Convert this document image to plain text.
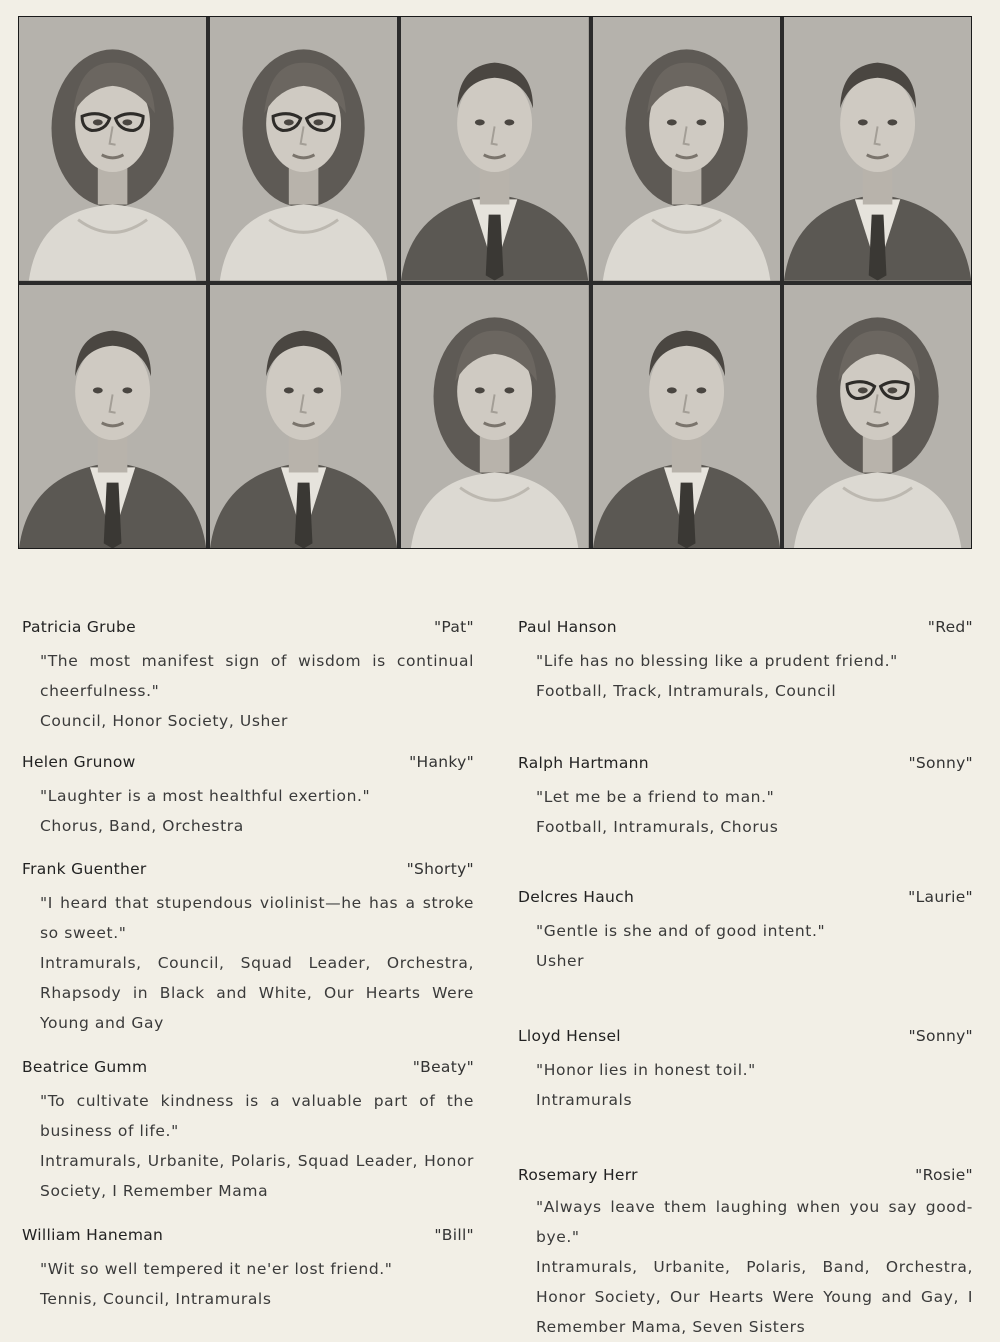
Patricia Grube	"Pat"
"The most manifest sign of wisdom is continual cheerfulness."
Council, Honor Society, Usher
Helen Grunow	"Hanky"
"Laughter is a most healthful exertion."
Chorus, Band, Orchestra
Frank Guenther	"Shorty"
"I heard that stupendous violinist—he has a stroke so sweet."
Intramurals, Council, Squad Leader, Orchestra, Rhapsody in Black and White, Our Hearts Were Young and Gay
Beatrice Gumm	"Beaty"
"To cultivate kindness is a valuable part of the business of life."
Intramurals, Urbanite, Polaris, Squad Leader, Honor Society, I Remember Mama
William Haneman	"Bill"
"Wit so well tempered it ne'er lost friend."
Tennis, Council, Intramurals
Paul Hanson	"Red"
"Life has no blessing like a prudent friend."
Football, Track, Intramurals, Council
Ralph Hartmann	"Sonny"
"Let me be a friend to man."
Football, Intramurals, Chorus
Delcres Hauch	"Laurie"
"Gentle is she and of good intent."
Usher
Lloyd Hensel	"Sonny"
"Honor lies in honest toil."
Intramurals
Rosemary Herr	"Rosie"
"Always leave them laughing when you say good-bye."
Intramurals, Urbanite, Polaris, Band, Orchestra, Honor Society, Our Hearts Were Young and Gay, I Remember Mama, Seven Sisters
